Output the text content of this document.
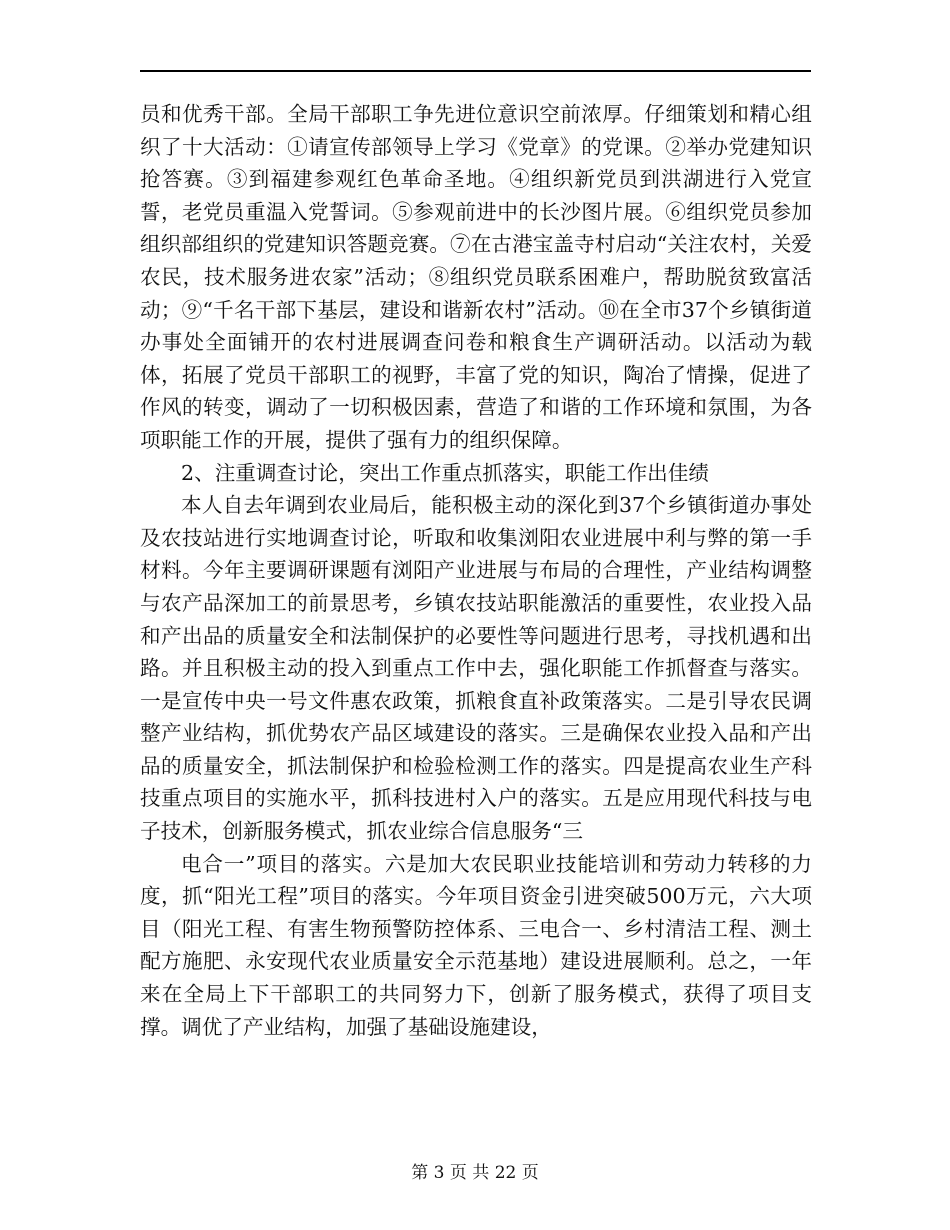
员和优秀干部。全局干部职工争先进位意识空前浓厚。仔细策划和精心组织了十大活动：①请宣传部领导上学习《党章》的党课。②举办党建知识抢答赛。③到福建参观红色革命圣地。④组织新党员到洪湖进行入党宣誓，老党员重温入党誓词。⑤参观前进中的长沙图片展。⑥组织党员参加组织部组织的党建知识答题竞赛。⑦在古港宝盖寺村启动“关注农村，关爱农民，技术服务进农家”活动；⑧组织党员联系困难户，帮助脱贫致富活动；⑨“千名干部下基层，建设和谐新农村”活动。⑩在全市37个乡镇街道办事处全面铺开的农村进展调查问卷和粮食生产调研活动。以活动为载体，拓展了党员干部职工的视野，丰富了党的知识，陶冶了情操，促进了作风的转变，调动了一切积极因素，营造了和谐的工作环境和氛围，为各项职能工作的开展，提供了强有力的组织保障。

2、注重调查讨论，突出工作重点抓落实，职能工作出佳绩

本人自去年调到农业局后，能积极主动的深化到37个乡镇街道办事处及农技站进行实地调查讨论，听取和收集浏阳农业进展中利与弊的第一手材料。今年主要调研课题有浏阳产业进展与布局的合理性，产业结构调整与农产品深加工的前景思考，乡镇农技站职能激活的重要性，农业投入品和产出品的质量安全和法制保护的必要性等问题进行思考，寻找机遇和出路。并且积极主动的投入到重点工作中去，强化职能工作抓督查与落实。一是宣传中央一号文件惠农政策，抓粮食直补政策落实。二是引导农民调整产业结构，抓优势农产品区域建设的落实。三是确保农业投入品和产出品的质量安全，抓法制保护和检验检测工作的落实。四是提高农业生产科技重点项目的实施水平，抓科技进村入户的落实。五是应用现代科技与电子技术，创新服务模式，抓农业综合信息服务“三

电合一”项目的落实。六是加大农民职业技能培训和劳动力转移的力度，抓“阳光工程”项目的落实。今年项目资金引进突破500万元，六大项目（阳光工程、有害生物预警防控体系、三电合一、乡村清洁工程、测土配方施肥、永安现代农业质量安全示范基地）建设进展顺利。总之，一年来在全局上下干部职工的共同努力下，创新了服务模式，获得了项目支撑。调优了产业结构，加强了基础设施建设，

第 3 页 共 22 页
